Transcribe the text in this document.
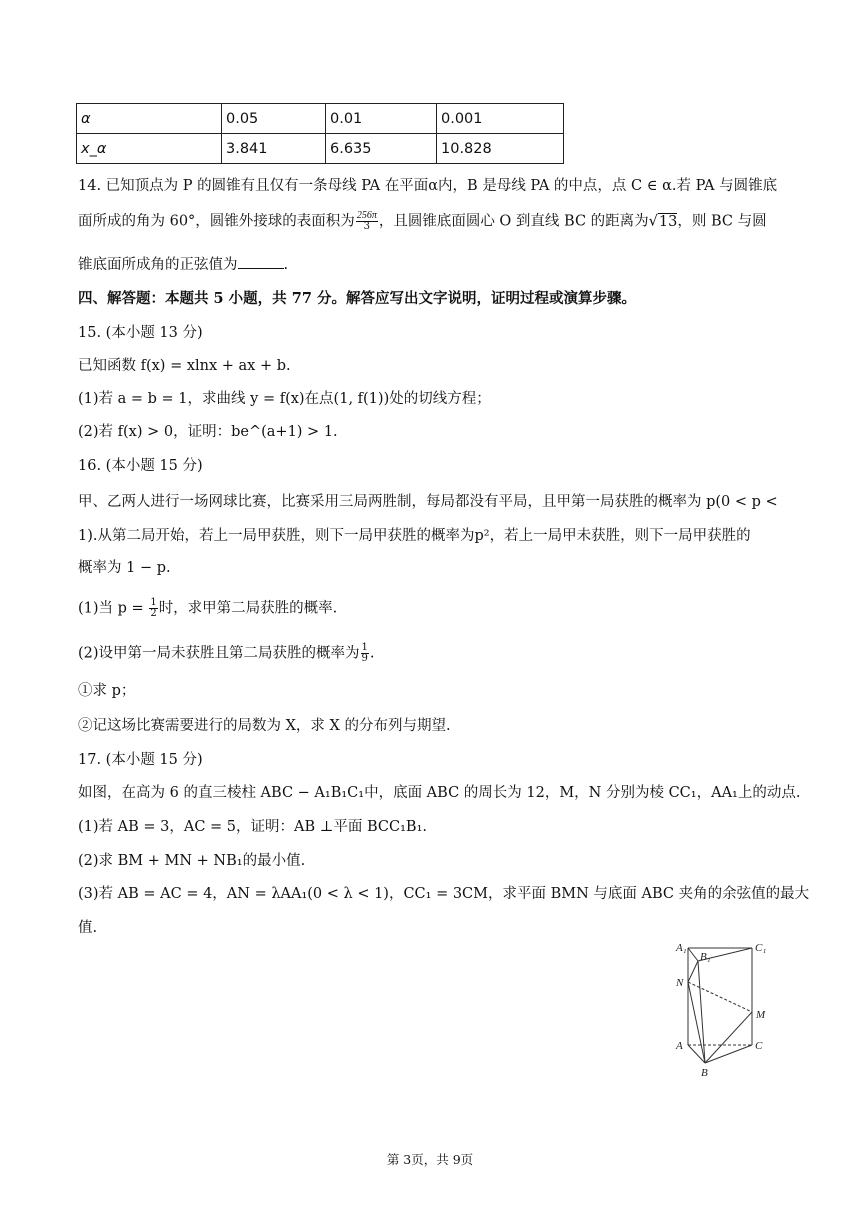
α	0.05	0.01	0.001
x_α	3.841	6.635	10.828
14. 已知顶点为 P 的圆锥有且仅有一条母线 PA 在平面α内，B 是母线 PA 的中点，点 C ∈ α.若 PA 与圆锥底
面所成的角为 60°，圆锥外接球的表面积为 $\frac{256\pi}{3}$ ，且圆锥底面圆心 O 到直线 BC 的距离为√13，则 BC 与圆
锥底面所成角的正弦值为	.
四、解答题：本题共 5 小题，共 77 分。解答应写出文字说明，证明过程或演算步骤。
15. (本小题 13 分)
已知函数 f(x) = xlnx + ax + b.
(1)若 a = b = 1，求曲线 y = f(x)在点(1, f(1))处的切线方程；
(2)若 f(x) > 0，证明：be^(a+1) > 1.
16. (本小题 15 分)
甲、乙两人进行一场网球比赛，比赛采用三局两胜制，每局都没有平局，且甲第一局获胜的概率为 p(0 < p <
1).从第二局开始，若上一局甲获胜，则下一局甲获胜的概率为p²，若上一局甲未获胜，则下一局甲获胜的
概率为 1 − p.
(1)当 $p = \frac{1}{2}$ 时，求甲第二局获胜的概率.
(2)设甲第一局未获胜且第二局获胜的概率为 $\frac{1}{9}$ .
①求 p；
②记这场比赛需要进行的局数为 X，求 X 的分布列与期望.
17. (本小题 15 分)
如图，在高为 6 的直三棱柱 ABC − A₁B₁C₁中，底面 ABC 的周长为 12，M，N 分别为棱 CC₁，AA₁上的动点.
(1)若 AB = 3，AC = 5，证明：AB ⊥平面 BCC₁B₁.
(2)求 BM + MN + NB₁的最小值.
(3)若 AB = AC = 4，AN = λAA₁(0 < λ < 1)，CC₁ = 3CM，求平面 BMN 与底面 ABC 夹角的余弦值的最大
值.
A₁
B₁
C₁
N
M
A
B
C
第 3页，共 9页
